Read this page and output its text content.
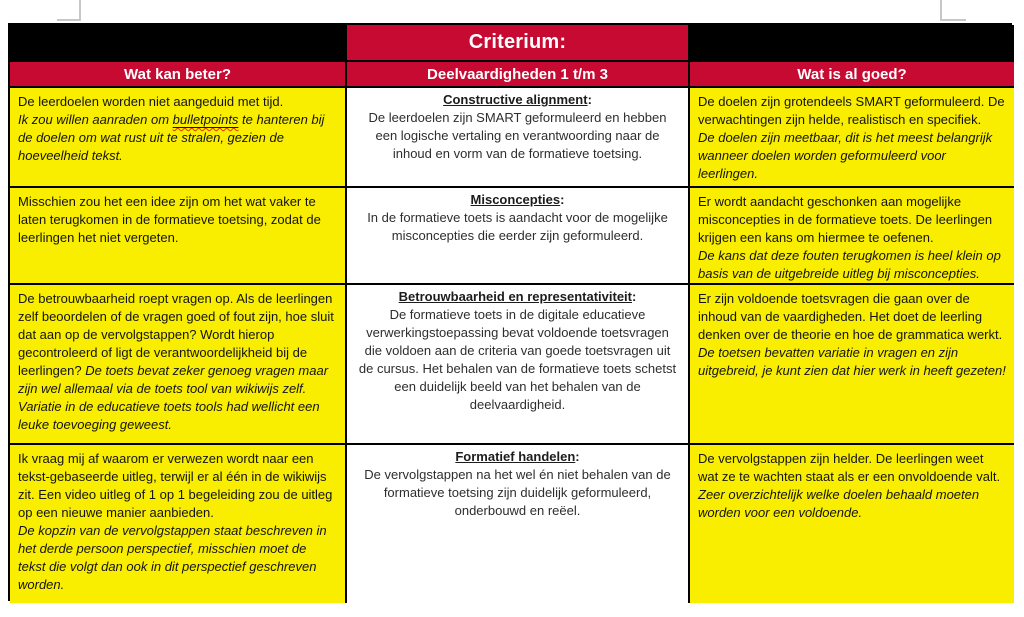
Criterium:
Wat kan beter?	Deelvaardigheden 1 t/m 3	Wat is al goed?
De leerdoelen worden niet aangeduid met tijd.
Ik zou willen aanraden om bulletpoints te hanteren bij de doelen om wat rust uit te stralen, gezien de hoeveelheid tekst.
Constructive alignment:
De leerdoelen zijn SMART geformuleerd en hebben een logische vertaling en verantwoording naar de inhoud en vorm van de formatieve toetsing.
De doelen zijn grotendeels SMART geformuleerd. De verwachtingen zijn helde, realistisch en specifiek.
De doelen zijn meetbaar, dit is het meest belangrijk wanneer doelen worden geformuleerd voor leerlingen.
Misschien zou het een idee zijn om het wat vaker te laten terugkomen in de formatieve toetsing, zodat de leerlingen het niet vergeten.
Misconcepties:
In de formatieve toets is aandacht voor de mogelijke misconcepties die eerder zijn geformuleerd.
Er wordt aandacht geschonken aan mogelijke misconcepties in de formatieve toets. De leerlingen krijgen een kans om hiermee te oefenen.
De kans dat deze fouten terugkomen is heel klein op basis van de uitgebreide uitleg bij misconcepties.
De betrouwbaarheid roept vragen op. Als de leerlingen zelf beoordelen of de vragen goed of fout zijn, hoe sluit dat aan op de vervolgstappen? Wordt hierop gecontroleerd of ligt de verantwoordelijkheid bij de leerlingen? De toets bevat zeker genoeg vragen maar zijn wel allemaal via de toets tool van wikiwijs zelf. Variatie in de educatieve toets tools had wellicht een leuke toevoeging geweest.
Betrouwbaarheid en representativiteit:
De formatieve toets in de digitale educatieve verwerkingstoepassing bevat voldoende toetsvragen die voldoen aan de criteria van goede toetsvragen uit de cursus. Het behalen van de formatieve toets schetst een duidelijk beeld van het behalen van de deelvaardigheid.
Er zijn voldoende toetsvragen die gaan over de inhoud van de vaardigheden. Het doet de leerling denken over de theorie en hoe de grammatica werkt.
De toetsen bevatten variatie in vragen en zijn uitgebreid, je kunt zien dat hier werk in heeft gezeten!
Ik vraag mij af waarom er verwezen wordt naar een tekst-gebaseerde uitleg, terwijl er al één in de wikiwijs zit. Een video uitleg of 1 op 1 begeleiding zou de uitleg op een nieuwe manier aanbieden.
De kopzin van de vervolgstappen staat beschreven in het derde persoon perspectief, misschien moet de tekst die volgt dan ook in dit perspectief geschreven worden.
Formatief handelen:
De vervolgstappen na het wel én niet behalen van de formatieve toetsing zijn duidelijk geformuleerd, onderbouwd en reëel.
De vervolgstappen zijn helder. De leerlingen weet wat ze te wachten staat als er een onvoldoende valt. Zeer overzichtelijk welke doelen behaald moeten worden voor een voldoende.
